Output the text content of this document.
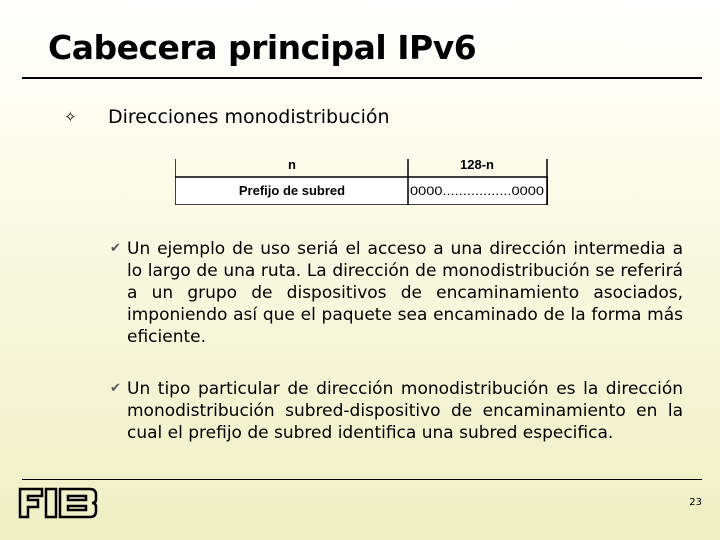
Cabecera principal IPv6
✧ Direcciones monodistribución
n	128-n
Prefijo de subred	0000.................0000
✔ Un ejemplo de uso seriá el acceso a una dirección intermedia a lo largo de una ruta. La dirección de monodistribución se referirá a un grupo de dispositivos de encaminamiento asociados, imponiendo así que el paquete sea encaminado de la forma más eficiente.
✔ Un tipo particular de dirección monodistribución es la dirección monodistribución subred-dispositivo de encaminamiento en la cual el prefijo de subred identifica una subred especifica.
23
